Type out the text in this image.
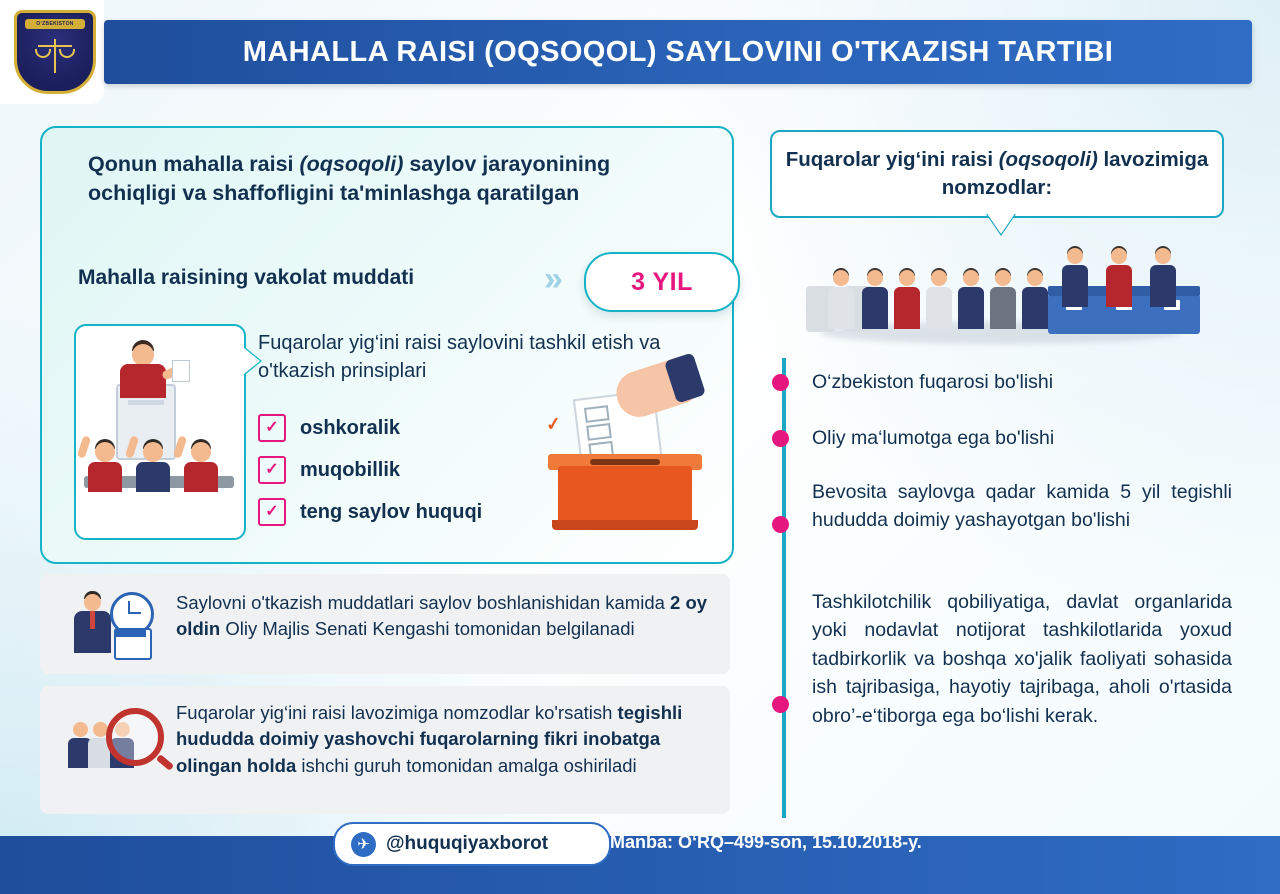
O‘ZBEKISTON
MAHALLA RAISI (OQSOQOL) SAYLOVINI O'TKAZISH TARTIBI
Qonun mahalla raisi (oqsoqoli) saylov jarayonining ochiqligi va shaffofligini ta'minlashga qaratilgan
Mahalla raisining vakolat muddati	»	3 YIL
Fuqarolar yig‘ini raisi saylovini tashkil etish va o'tkazish prinsiplari
✓	oshkoralik
✓	muqobillik
✓	teng saylov huquqi
✓

Saylovni o'tkazish muddatlari saylov boshlanishidan kamida 2 oy oldin Oliy Majlis Senati Kengashi tomonidan belgilanadi

Fuqarolar yig‘ini raisi lavozimiga nomzodlar ko'rsatish tegishli hududda doimiy yashovchi fuqarolarning fikri inobatga olingan holda ishchi guruh tomonidan amalga oshiriladi

Fuqarolar yig‘ini raisi (oqsoqoli) lavozimiga nomzodlar:
O‘zbekiston fuqarosi bo'lishi
Oliy ma‘lumotga ega bo'lishi
Bevosita saylovga qadar kamida 5 yil tegishli hududda doimiy yashayotgan bo'lishi
Tashkilotchilik qobiliyatiga, davlat organlarida yoki nodavlat notijorat tashkilotlarida yoxud tadbirkorlik va boshqa xo'jalik faoliyati sohasida ish tajribasiga, hayotiy tajribaga, aholi o'rtasida obro’-e‘tiborga ega bo‘lishi kerak.
✈ @huquqiyaxborot	Manba: O‘RQ–499-son, 15.10.2018-y.
